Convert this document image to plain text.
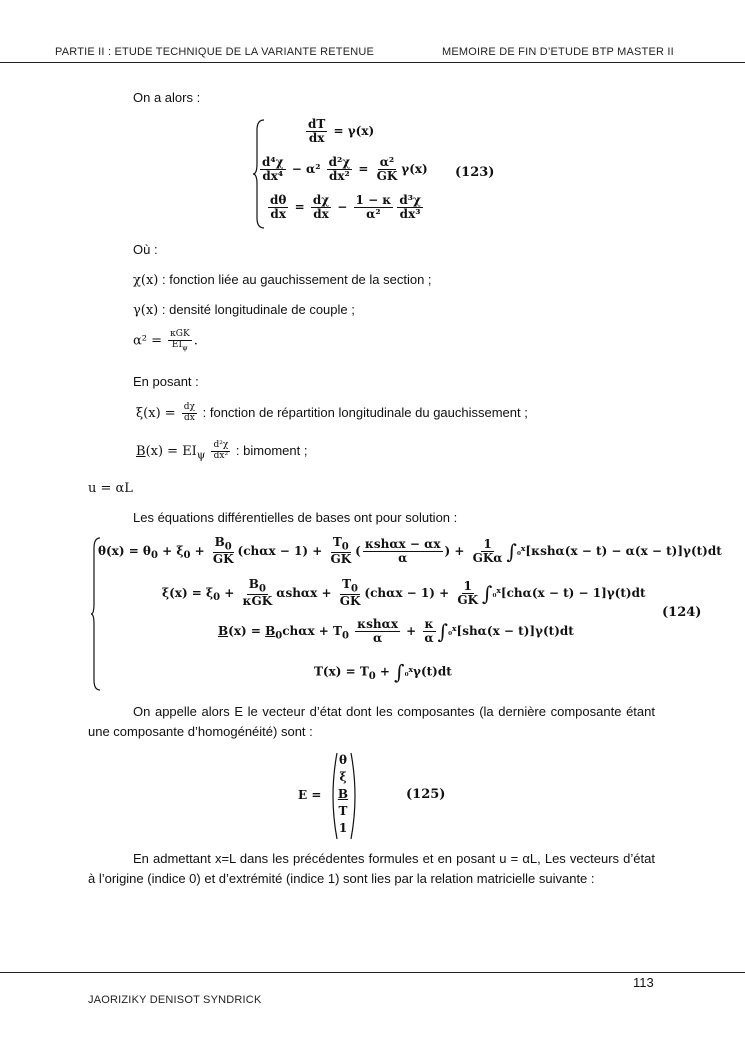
PARTIE II : ETUDE TECHNIQUE DE LA VARIANTE RETENUE	MEMOIRE DE FIN D’ETUDE BTP MASTER II
On a alors :
$\frac{dT}{dx} = \gamma(x)$
$\frac{\text{d⁴χ}}{\text{dx⁴}} - \alpha^2 \frac{\text{d²χ}}{\text{dx²}} = \frac{\text{α²}}{GK} \gamma(x)$
$\frac{d\theta}{dx} = \frac{d\chi}{dx} - \frac{1 - \kappa}{\text{α²}} \frac{\text{d³χ}}{\text{dx³}}$
(123)
Où :
χ(x) : fonction liée au gauchissement de la section ;
γ(x) : densité longitudinale de couple ;
$\alpha^2 = \frac{\text{κGK}}{EI_\psi}$ .
En posant :
$\xi(x) = \frac{d\chi}{dx}$ : fonction de répartition longitudinale du gauchissement ;
$B(x) = EI_\psi \frac{\text{d²χ}}{\text{dx²}}$ : bimoment ;
u = αL
Les équations différentielles de bases ont pour solution :
$\theta(x) = \theta_0 + \xi_0 + \frac{B_0}{GK} (ch\alpha x - 1) + \frac{T_0}{GK}$ ( $\frac{\text{κshαx − αx}}{\alpha}$ ) + $\frac{1}{\text{GKα}} \int_0^x[\kappa sh\alpha(x - t) - \alpha(x - t)]\gamma(t)dt$
$\xi(x) = \xi_0 + \frac{B_0}{\text{κGK}}$ $\alpha sh\alpha x + \frac{T_0}{GK} (ch\alpha x - 1) + \frac{1}{GK} \int_0^x[ch\alpha(x - t) - 1]\gamma(t)dt$
$B(x) = B_0ch\alpha x + T_0 \frac{\text{κshαx}}{\alpha} + \frac{\kappa}{\alpha} \int_0^x[sh\alpha(x - t)]\gamma(t)dt$
$T(x) = T_0 + \int_0^x\gamma(t)dt$
(124)
On appelle alors E le vecteur d’état dont les composantes (la dernière composante étant une composante d’homogénéité) sont :
E =
θ
ξ
B
T
1
(125)
En admettant x=L dans les précédentes formules et en posant u = αL, Les vecteurs d’état à l’origine (indice 0) et d’extrémité (indice 1) sont lies par la relation matricielle suivante :
113
JAORIZIKY DENISOT SYNDRICK
